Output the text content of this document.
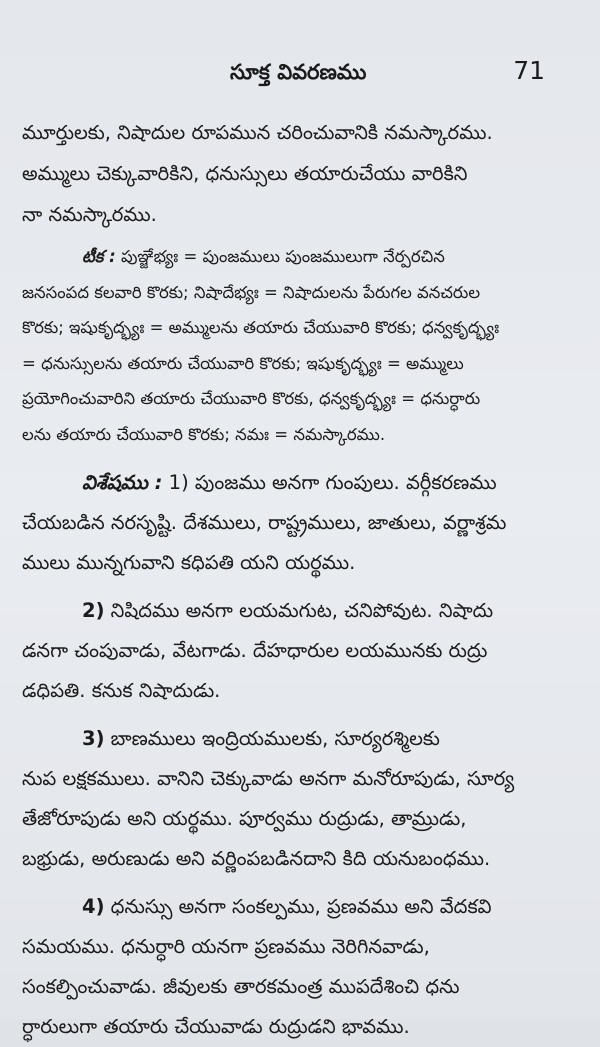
సూక్త వివరణము	71

మూర్తులకు, నిషాదుల రూపమున చరించువానికి నమస్కారము.
అమ్ములు చెక్కువారికిని, ధనుస్సులు తయారుచేయు వారికిని
నా నమస్కారము.

టీక : పుఞ్జేభ్యః = పుంజములు పుంజములుగా నేర్పరచిన
జనసంపద కలవారి కొరకు; నిషాదేభ్యః = నిషాదులను పేరుగల వనచరుల
కొరకు; ఇషుకృద్భ్యః = అమ్ములను తయారు చేయువారి కొరకు; ధన్వకృద్భ్యః
= ధనుస్సులను తయారు చేయువారి కొరకు; ఇషుకృద్భ్యః = అమ్ములు
ప్రయోగించువారిని తయారు చేయువారి కొరకు, ధన్వకృద్భ్యః = ధనుర్ధారు
లను తయారు చేయువారి కొరకు; నమః = నమస్కారము.

విశేషము : 1) పుంజము అనగా గుంపులు. వర్గీకరణము
చేయబడిన నరసృష్టి. దేశములు, రాష్ట్రములు, జాతులు, వర్ణాశ్రమ
ములు మున్నగువాని కధిపతి యని యర్థము.

2) నిషిదము అనగా లయమగుట, చనిపోవుట. నిషాదు
డనగా చంపువాడు, వేటగాడు. దేహధారుల లయమునకు రుద్రు
డధిపతి. కనుక నిషాదుడు.

3) బాణములు ఇంద్రియములకు, సూర్యరశ్మిలకు
నుప లక్షకములు. వానిని చెక్కువాడు అనగా మనోరూపుడు, సూర్య
తేజోరూపుడు అని యర్థము. పూర్వము రుద్రుడు, తామ్రుడు,
బభ్రుడు, అరుణుడు అని వర్ణింపబడినదాని కిది యనుబంధము.

4) ధనుస్సు అనగా సంకల్పము, ప్రణవము అని వేదకవి
సమయము. ధనుర్ధారి యనగా ప్రణవము నెరిగినవాడు,
సంకల్పించువాడు. జీవులకు తారకమంత్ర ముపదేశించి ధను
ర్ధారులుగా తయారు చేయువాడు రుద్రుడని భావము.
